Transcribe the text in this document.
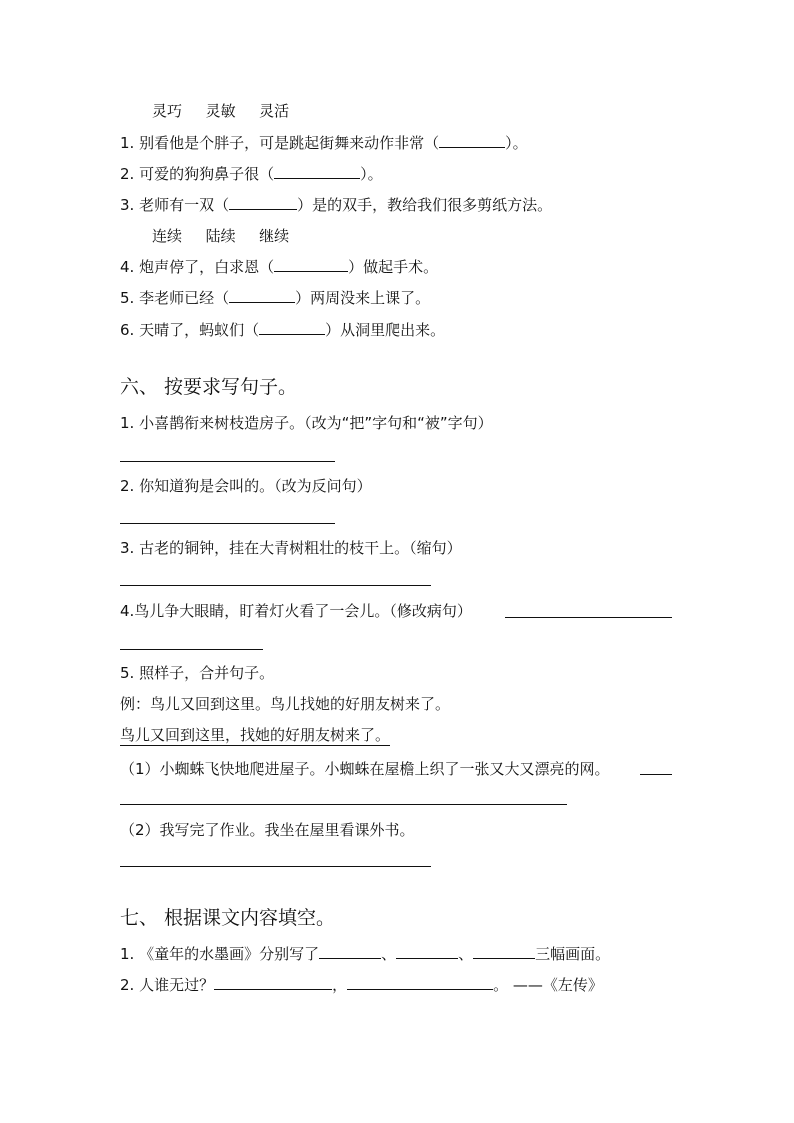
灵巧 灵敏 灵活
1. 别看他是个胖子，可是跳起街舞来动作非常（	）。
2. 可爱的狗狗鼻子很（	）。
3. 老师有一双（	）是的双手，教给我们很多剪纸方法。
连续 陆续 继续
4. 炮声停了，白求恩（	）做起手术。
5. 李老师已经（	）两周没来上课了。
6. 天晴了，蚂蚁们（	）从洞里爬出来。
六、 按要求写句子。
1. 小喜鹊衔来树枝造房子。（改为“把”字句和“被”字句）
2. 你知道狗是会叫的。（改为反问句）
3. 古老的铜钟，挂在大青树粗壮的枝干上。（缩句）
4.鸟儿争大眼睛，盯着灯火看了一会儿。（修改病句）
5. 照样子，合并句子。
例：鸟儿又回到这里。鸟儿找她的好朋友树来了。
鸟儿又回到这里，找她的好朋友树来了。
（1）小蜘蛛飞快地爬进屋子。小蜘蛛在屋檐上织了一张又大又漂亮的网。
（2）我写完了作业。我坐在屋里看课外书。
七、 根据课文内容填空。
1. 《童年的水墨画》分别写了	、	、	三幅画面。
2. 人谁无过？	，	。 ——《左传》
